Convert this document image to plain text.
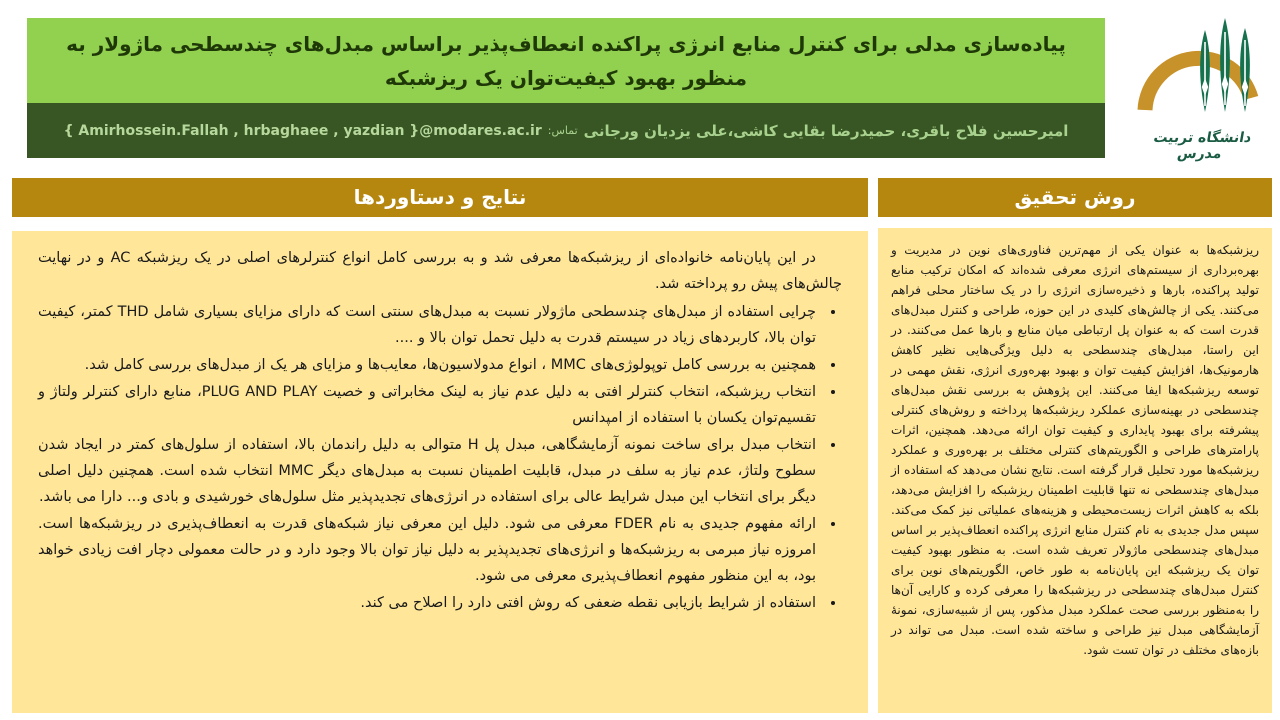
پیاده‌سازی مدلی برای کنترل منابع انرژی پراکنده انعطاف‌پذیر براساس مبدل‌های چندسطحی ماژولار به منظور بهبود کیفیت‌توان یک ریزشبکه
امیرحسین فلاح باقری، حمیدرضا بقایی کاشی،علی یزدیان ورجانی
تماس:
{ Amirhossein.Fallah , hrbaghaee , yazdian }@modares.ac.ir	دانشگاه تربیت مدرس
نتایج و دستاوردها

در این پایان‌نامه خانواده‌ای از ریزشبکه‌ها معرفی شد و به بررسی کامل انواع کنترلرهای اصلی در یک ریزشبکه AC و در نهایت چالش‌های پیش رو پرداخته شد.

• چرایی استفاده از مبدل‌های چندسطحی ماژولار نسبت به مبدل‌های سنتی است که دارای مزایای بسیاری شامل THD کمتر، کیفیت توان بالا، کاربردهای زیاد در سیستم قدرت به دلیل تحمل توان بالا و ....
• همچنین به بررسی کامل توپولوژی‌های MMC ، انواع مدولاسیون‌ها، معایب‌ها و مزایای هر یک از مبدل‌های بررسی کامل شد.
• انتخاب ریزشبکه، انتخاب کنترلر افتی به دلیل عدم نیاز به لینک مخابراتی و خصیت PLUG AND PLAY، منابع دارای کنترلر ولتاژ و تقسیم‌توان یکسان با استفاده از امپدانس
• انتخاب مبدل برای ساخت نمونه آزمایشگاهی، مبدل پل H متوالی به دلیل راندمان بالا، استفاده از سلول‌های کمتر در ایجاد شدن سطوح ولتاژ، عدم نیاز به سلف در مبدل، قابلیت اطمینان نسبت به مبدل‌های دیگر MMC انتخاب شده است. همچنین دلیل اصلی دیگر برای انتخاب این مبدل شرایط عالی برای استفاده در انرژی‌های تجدیدپذیر مثل سلول‌های خورشیدی و بادی و... دارا می باشد.
• ارائه مفهوم جدیدی به نام FDER معرفی می شود. دلیل این معرفی نیاز شبکه‌های قدرت به انعطاف‌پذیری در ریزشبکه‌ها است. امروزه نیاز مبرمی به ریزشبکه‌ها و انرژی‌های تجدیدپذیر به دلیل نیاز توان بالا وجود دارد و در حالت معمولی دچار افت زیادی خواهد بود، به این منظور مفهوم انعطاف‌پذیری معرفی می شود.
• استفاده از شرایط بازیابی نقطه ضعفی که روش افتی دارد را اصلاح می کند.
روش تحقیق
ریزشبکه‌ها به عنوان یکی از مهم‌ترین فناوری‌های نوین در مدیریت و بهره‌برداری از سیستم‌های انرژی معرفی شده‌اند که امکان ترکیب منابع تولید پراکنده، بارها و ذخیره‌سازی انرژی را در یک ساختار محلی فراهم می‌کنند. یکی از چالش‌های کلیدی در این حوزه، طراحی و کنترل مبدل‌های قدرت است که به عنوان پل ارتباطی میان منابع و بارها عمل می‌کنند. در این راستا، مبدل‌های چندسطحی به دلیل ویژگی‌هایی نظیر کاهش هارمونیک‌ها، افزایش کیفیت توان و بهبود بهره‌وری انرژی، نقش مهمی در توسعه ریزشبکه‌ها ایفا می‌کنند. این پژوهش به بررسی نقش مبدل‌های چندسطحی در بهینه‌سازی عملکرد ریزشبکه‌ها پرداخته و روش‌های کنترلی پیشرفته برای بهبود پایداری و کیفیت توان ارائه می‌دهد. همچنین، اثرات پارامترهای طراحی و الگوریتم‌های کنترلی مختلف بر بهره‌وری و عملکرد ریزشبکه‌ها مورد تحلیل قرار گرفته است. نتایج نشان می‌دهد که استفاده از مبدل‌های چندسطحی نه تنها قابلیت اطمینان ریزشبکه را افزایش می‌دهد، بلکه به کاهش اثرات زیست‌محیطی و هزینه‌های عملیاتی نیز کمک می‌کند. سپس مدل جدیدی به نام کنترل منابع انرژی پراکنده انعطاف‌پذیر بر اساس مبدل‌های چندسطحی ماژولار تعریف شده است. به منظور بهبود کیفیت توان یک ریزشبکه این پایان‌نامه به طور خاص، الگوریتم‌های نوین برای کنترل مبدل‌های چندسطحی در ریزشبکه‌ها را معرفی کرده و کارایی آن‌ها را به‌منظور بررسی صحت عملکرد مبدل مذکور، پس از شبیه‌سازی، نمونهٔ آزمایشگاهی مبدل نیز طراحی و ساخته شده است. مبدل می تواند در بازه‌های مختلف در توان تست شود.
